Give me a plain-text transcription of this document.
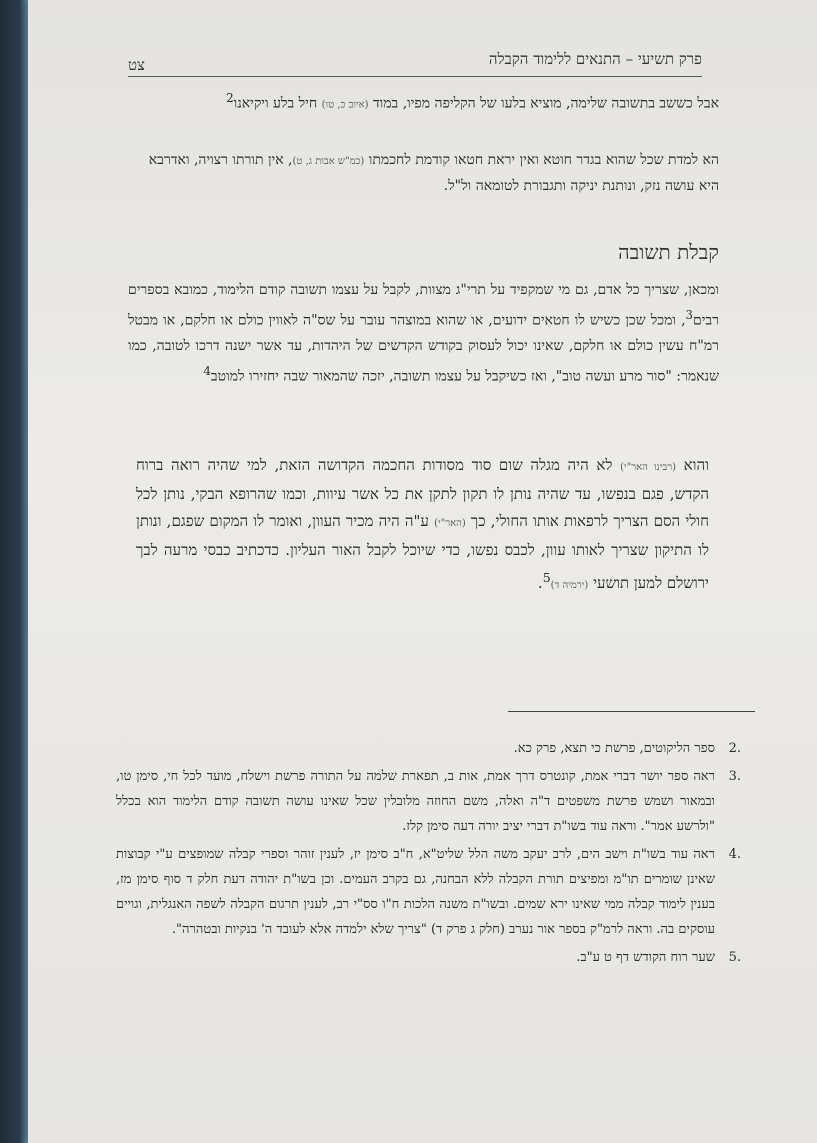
פרק תשיעי – התנאים ללימוד הקבלה
צט
אבל כששב בתשובה שלימה, מוציא בלעו של הקליפה מפיו, במוד (איוב כ, טו) חיל בלע ויקיאנו$^2$
הא למדת שכל שהוא בגדר חוטא ואין יראת חטאו קודמת לחכמתו (כמ"ש אבות ג, ט), אין תורתו רצויה, ואדרבא היא עושה נזק, ונותנת יניקה ותגבורת לטומאה ול"ל.
קבלת תשובה
ומכאן, שצריך כל אדם, גם מי שמקפיד על תרי"ג מצוות, לקבל על עצמו תשובה קודם הלימוד, כמובא בספרים רבים$^3$, ומכל שכן כשיש לו חטאים ידועים, או שהוא במוצהר עובר על שס"ה לאווין כולם או חלקם, או מבטל רמ"ח עשין כולם או חלקם, שאינו יכול לעסוק בקודש הקדשים של היהדות, עד אשר ישנה דרכו לטובה, כמו שנאמר: "סור מרע ועשה טוב", ואז כשיקבל על עצמו תשובה, יזכה שהמאור שבה יחזירו למוטב$^4$
והוא (רבינו האר"י) לא היה מגלה שום סוד מסודות החכמה הקדושה הזאת, למי שהיה רואה ברוח הקדש, פגם בנפשו, עד שהיה נותן לו תקון לתקן את כל אשר עיוות, וכמו שהרופא הבקי, נותן לכל חולי הסם הצריך לרפאות אותו החולי, כך (האר"י) ע"ה היה מכיר העוון, ואומר לו המקום שפגם, ונותן לו התיקון שצריך לאותו עוון, לכבס נפשו, כדי שיוכל לקבל האור העליון. כדכתיב כבסי מרעה לבך ירושלם למען תושעי (ירמיה ד)$^5$.
.2
ספר הליקוטים, פרשת כי תצא, פרק כא.
.3
ראה ספר יושר דברי אמת, קונטרס דרך אמת, אות ב, תפארת שלמה על התורה פרשת וישלח, מועד לכל חי, סימן טו, ובמאור ושמש פרשת משפטים ד"ה ואלה, משם החוזה מלובלין שכל שאינו עושה תשובה קודם הלימוד הוא בכלל "ולרשע אמר". וראה עוד בשו"ת דברי יציב יורה דעה סימן קלז.
.4
ראה עוד בשו"ת וישב הים, לרב יעקב משה הלל שליט"א, ח"ב סימן יז, לענין זוהר וספרי קבלה שמופצים ע"י קבוצות שאינן שומרים תו"מ ומפיצים תורת הקבלה ללא הבחנה, גם בקרב העמים. וכן בשו"ת יהודה דעת חלק ד סוף סימן מז, בענין לימוד קבלה ממי שאינו ירא שמים. ובשו"ת משנה הלכות ח"ו סס"י רב, לענין תרגום הקבלה לשפה האנגלית, וגויים עוסקים בה. וראה לרמ"ק בספר אור נערב (חלק ג פרק ד) "צריך שלא ילמדה אלא לעובד ה' בנקיות ובטהרה".
.5
שער רוח הקודש דף ט ע"ב.
